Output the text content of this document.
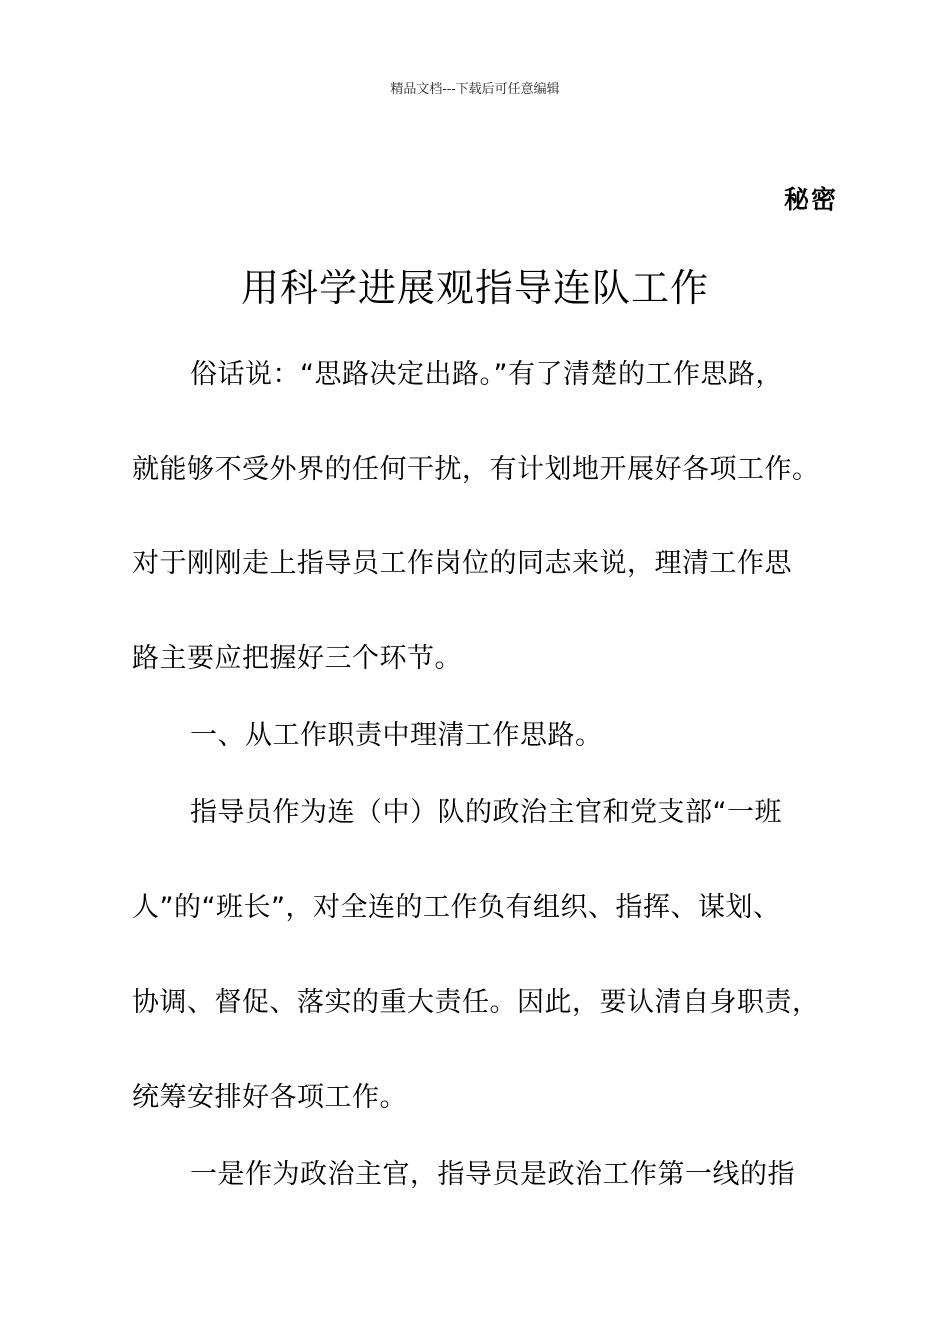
精品文档---下载后可任意编辑
秘密
用科学进展观指导连队工作
俗话说：“思路决定出路。”有了清楚的工作思路，
就能够不受外界的任何干扰，有计划地开展好各项工作。
对于刚刚走上指导员工作岗位的同志来说，理清工作思
路主要应把握好三个环节。
一、从工作职责中理清工作思路。
指导员作为连（中）队的政治主官和党支部“一班
人”的“班长”，对全连的工作负有组织、指挥、谋划、
协调、督促、落实的重大责任。因此，要认清自身职责，
统筹安排好各项工作。
一是作为政治主官，指导员是政治工作第一线的指
